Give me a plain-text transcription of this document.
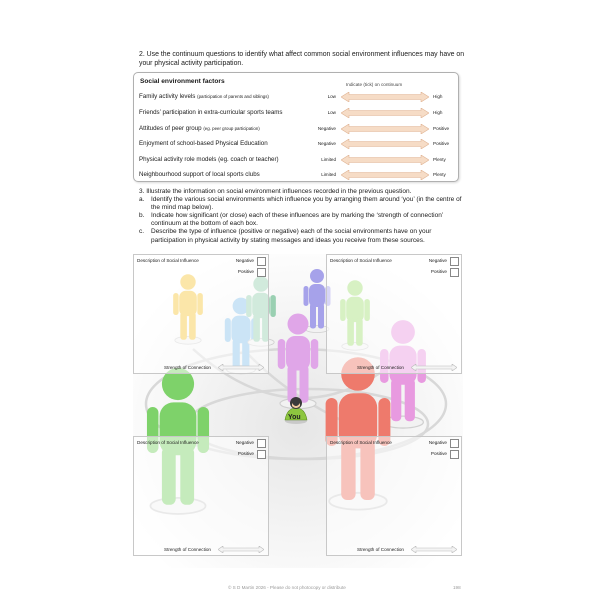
2. Use the continuum questions to identify what affect common social environment influences may have on your physical activity participation.
Social environment factors	Indicate (tick) on continuum
Family activity levels (participation of parents and siblings)	Low	High
Friends’ participation in extra-curricular sports teams	Low	High
Attitudes of peer group (eg. peer group participation)	Negative	Positive
Enjoyment of school-based Physical Education	Negative	Positive
Physical activity role models (eg. coach or teacher)	Limited	Plenty
Neighbourhood support of local sports clubs	Limited	Plenty
3. Illustrate the information on social environment influences recorded in the previous question.
a.	Identify the various social environments which influence you by arranging them around ‘you’ (in the centre of the mind map below).
b.	Indicate how significant (or close) each of these influences are by marking the ‘strength of connection’ continuum at the bottom of each box.
c.	Describe the type of influence (positive or negative) each of the social environments have on your participation in physical activity by stating messages and ideas you receive from these sources.
Description of Social Influence	Negative
Positive
Strength of Connection
Description of Social Influence	Negative
Positive
Strength of Connection
Description of Social Influence	Negative
Positive
Strength of Connection
Description of Social Influence	Negative
Positive
Strength of Connection
You
© S D Martin 2026 - Please do not photocopy or distribute	198
